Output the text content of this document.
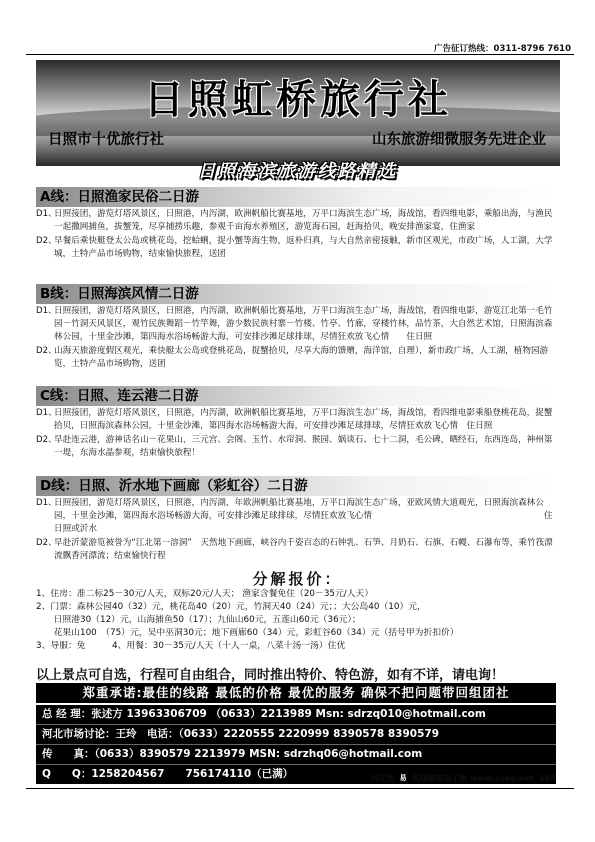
广告征订热线：0311-8796 7610
日照虹桥旅行社
日照市十优旅行社	山东旅游细微服务先进企业
日照海滨旅游线路精选
A线：日照渔家民俗二日游
D1、
日照接团，游览灯塔风景区，日照港，内泻湖，欧洲帆船比赛基地，万平口海滨生态广场，海战馆，看四维电影，乘船出海，与渔民一起撒网捕鱼，拔蟹笼，尽享捕捞乐趣，参观千亩海水养殖区，游览海石园，赶海拾贝，晚安排渔家宴，住渔家
D2、
早餐后乘快艇登太公岛或桃花岛，挖蛤蜊，捉小蟹等海生物，返朴归真，与大自然亲密接触，新市区观光，市政广场，人工湖，大学城，土特产品市场购物，结束愉快旅程，送团
B线：日照海滨风情二日游
D1、
日照接团，游览灯塔风景区，日照港，内泻湖，欧洲帆船比赛基地，万平口海滨生态广场，海战馆，看四维电影，游览江北第一毛竹园－竹洞天风景区，观竹民族舞蹈－竹竿舞，游少数民族村寨－竹楼、竹亭、竹廊，穿楼竹林，品竹茶，大自然艺术馆，日照海滨森林公园，十里金沙滩，第四海水浴场畅游大海，可安排沙滩足球排球，尽情狂欢放飞心情　　住日照
D2、
山海天旅游度假区观光，乘快艇太公岛或登桃花岛，捉蟹拾贝，尽享大海的馈赠，海洋馆，自理），新市政广场，人工湖，植物园游览，土特产品市场购物，送团
C线：日照、连云港二日游
D1、
日照接团，游览灯塔风景区，日照港，内泻湖，欧洲帆船比赛基地，万平口海滨生态广场，海战馆，看四维电影乘船登桃花岛，捉蟹拾贝，日照海滨森林公园，十里金沙滩，第四海水浴场畅游大海，可安排沙滩足球排球，尽情狂欢放飞心情　住日照
D2、
早赴连云港，游神话名山－花果山，三元宫、会阁、玉竹、水帘洞、猴园、娲谈石、七十二洞，毛公碑，晒经石，东西连岛，神州第一堤，东海水晶参观，结束愉快旅程！
D线：日照、沂水地下画廊（彩虹谷）二日游
D1、
日照接团，游览灯塔风景区，日照港，内泻湖，年欧洲帆船比赛基地，万平口海滨生态广场，亚欧风情大道观光，日照海滨森林公园，十里金沙滩，第四海水浴场畅游大海，可安排沙滩足球排球，尽情狂欢放飞心情　　　　　　　　　　　　　　　　　　　　住日照或沂水
D2、
早赴沂蒙游览被誉为“江北第一溶洞”　天然地下画廊，峡谷内千姿百态的石钟乳、石笋、月奶石、石旗、石幔、石瀑布等，乘竹筏漂流飘香河漂流；结束愉快行程
分解报价：
1、住房：准二标25－30元/人天，双标20元/人天； 渔家含餐免住（20－35元/人天）
2、门票：森林公园40（32）元，桃花岛40（20）元，竹洞天40（24）元；；大公岛40（10）元，
　　日照港30（12）元，山海捕鱼50（17）；九仙山60元，五莲山60元（36元）；
　　花果山100　（75）元，吴中巫洞30元；地下画廊60（34）元，彩虹谷60（34）元（括号甲为折扣价）
3、导服：免　　　4、用餐：30－35元/人天（十人一桌，八菜十汤一汤）住优
以上景点可自选，行程可自由组合，同时推出特价、特色游，如有不详，请电询！
郑重承诺:最佳的线路 最低的价格 最优的服务 确保不把问题带回组团社
总 经 理：张述方 13963306709 （0633）2213989 Msn: sdrzq010@hotmail.com
河北市场讨论：王玲　电话：（0633）2220555 2220999 8390578 8390579
传　　真：（0633）8390579 2213979 MSN: sdrzhq06@hotmail.com
Q　　Q：1258204567　　756174110（已满）	河北版 易 欢迎浏览电子版 www.zyoo.net 165
